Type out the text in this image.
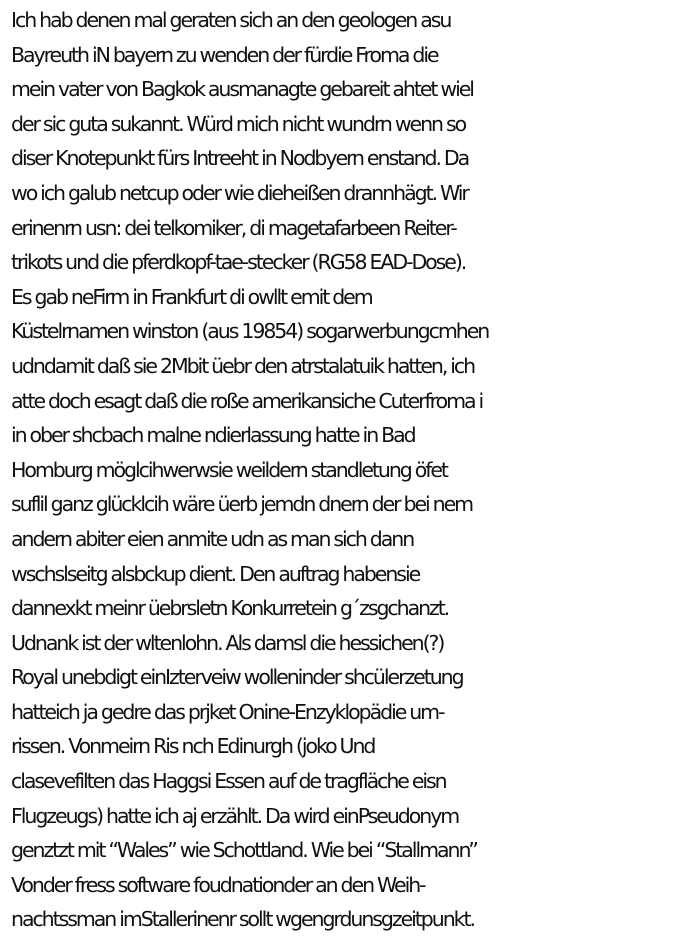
Ich hab denen mal geraten sich an den geologen asu
Bayreuth iN bayern zu wenden der fürdie Froma die
mein vater von Bagkok ausmanagte gebareit ahtet wiel
der sic guta sukannt. Würd mich nicht wundrn wenn so
diser Knotepunkt fürs Intreeht in Nodbyern enstand. Da
wo ich galub netcup oder wie dieheißen drannhägt. Wir
erinenrn usn: dei telkomiker, di magetafarbeen Reiter-
trikots und die pferdkopf-tae-stecker (RG58 EAD-Dose).
Es gab neFirm in Frankfurt di owllt emit dem
Küstelrnamen winston (aus 19854) sogarwerbungcmhen
udndamit daß sie 2Mbit üebr den atrstalatuik hatten, ich
atte doch esagt daß die roße amerikansiche Cuterfroma i
in ober shcbach malne ndierlassung hatte in Bad
Homburg möglcihwerwsie weildern standletung öfet
suflil ganz glücklcih wäre üerb jemdn dnern der bei nem
andern abiter eien anmite udn as man sich dann
wschslseitg alsbckup dient. Den auftrag habensie
dannexkt meinr üebrsletn Konkurretein g´zsgchanzt.
Udnank ist der wltenlohn. Als damsl die hessichen(?)
Royal unebdigt einIzterveiw wolleninder shcülerzetung
hatteich ja gedre das prjket Onine-Enzyklopädie um-
rissen. Vonmeirn Ris nch Edinurgh (joko Und
clasevefilten das Haggsi Essen auf de tragfläche eisn
Flugzeugs) hatte ich aj erzählt. Da wird einPseudonym
genztzt mit “Wales” wie Schottland. Wie bei “Stallmann”
Vonder fress software foudnationder an den Weih-
nachtssman imStallerinenr sollt wgengrdunsgzeitpunkt.
